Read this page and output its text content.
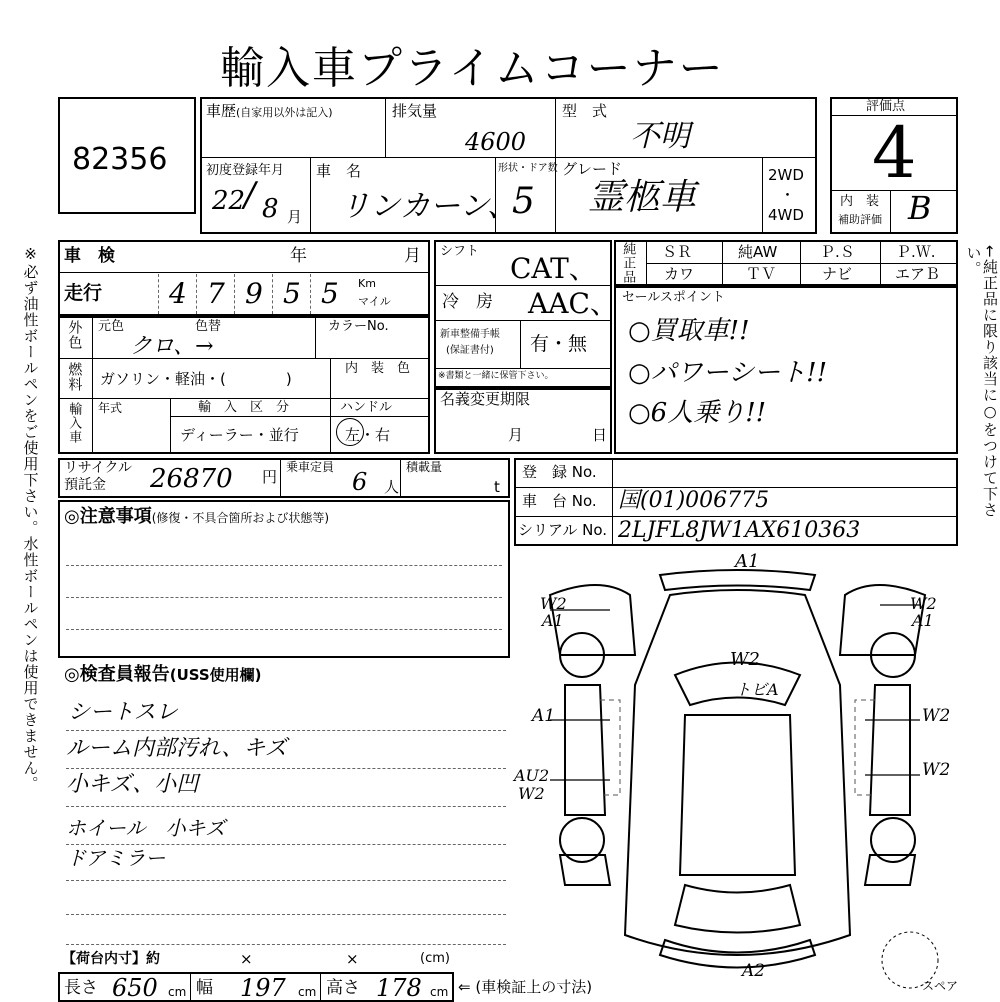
輸入車プライムコーナー
※必ず油性ボールペンをご使用下さい。水性ボールペンは使用できません。	←純正品に限り該当に○をつけて下さい。
82356
車歴(自家用以外は記入)	排気量
4600
型　式
不明
初度登録年月
22
/ 8 月
車　名
リンカーン、
形状・ドア数
5
グレード
霊柩車
2WD
・
4WD
評価点
4
内　装
補助評価 B
車　検	年	月
走行 4 7 9 5 5 Km
マイル
外色 元色	色替	カラーNo.
クロ、→
燃料 ガソリン・軽油・(　　　　)
内　装　色
輸入車 年式	輸　入　区　分
ディーラー・並行
ハンドル
左・右
シフト
CAT、
冷　房 AAC、
新車整備手帳
(保証書付) 有・無
※書類と一緒に保管下さい。
名義変更期限
月	日
純正品 ＳＲ	純AW	Ｐ.Ｓ	Ｐ.Ｗ.
カワ	ＴＶ	ナビ	エアＢ
セールスポイント
○買取車!!
○パワーシート!!
○6人乗り!!
リサイクル
預託金 26870 円
乗車定員
6 人
積載量
t
登　録 No.
車　台 No. 国(01)006775
シリアル No. 2LJFL8JW1AX610363
◎注意事項(修復・不具合箇所および状態等)
◎検査員報告(USS使用欄)
シートスレ
ルーム内部汚れ、キズ
小キズ、小凹
ホイール　小キズ
ドアミラー
【荷台内寸】約	×	×	(cm)
長さ 650 cm 幅 197 cm 高さ 178 cm ⇐ (車検証上の寸法)
A1
W2
A1
W2
A1
W2
トビA
A1
AU2
W2
W2
W2
A2
スペア
